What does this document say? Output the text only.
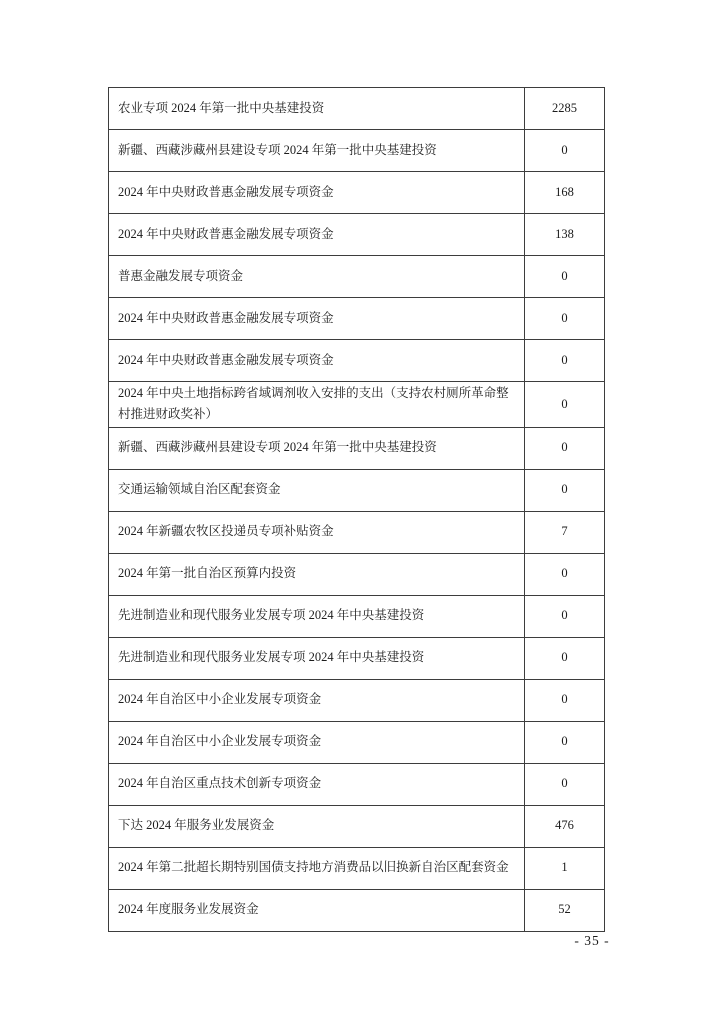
农业专项 2024 年第一批中央基建投资	2285
新疆、西藏涉藏州县建设专项 2024 年第一批中央基建投资	0
2024 年中央财政普惠金融发展专项资金	168
2024 年中央财政普惠金融发展专项资金	138
普惠金融发展专项资金	0
2024 年中央财政普惠金融发展专项资金	0
2024 年中央财政普惠金融发展专项资金	0
2024 年中央土地指标跨省域调剂收入安排的支出（支持农村厕所革命整村推进财政奖补）	0
新疆、西藏涉藏州县建设专项 2024 年第一批中央基建投资	0
交通运输领域自治区配套资金	0
2024 年新疆农牧区投递员专项补贴资金	7
2024 年第一批自治区预算内投资	0
先进制造业和现代服务业发展专项 2024 年中央基建投资	0
先进制造业和现代服务业发展专项 2024 年中央基建投资	0
2024 年自治区中小企业发展专项资金	0
2024 年自治区中小企业发展专项资金	0
2024 年自治区重点技术创新专项资金	0
下达 2024 年服务业发展资金	476
2024 年第二批超长期特别国债支持地方消费品以旧换新自治区配套资金	1
2024 年度服务业发展资金	52
- 35 -
